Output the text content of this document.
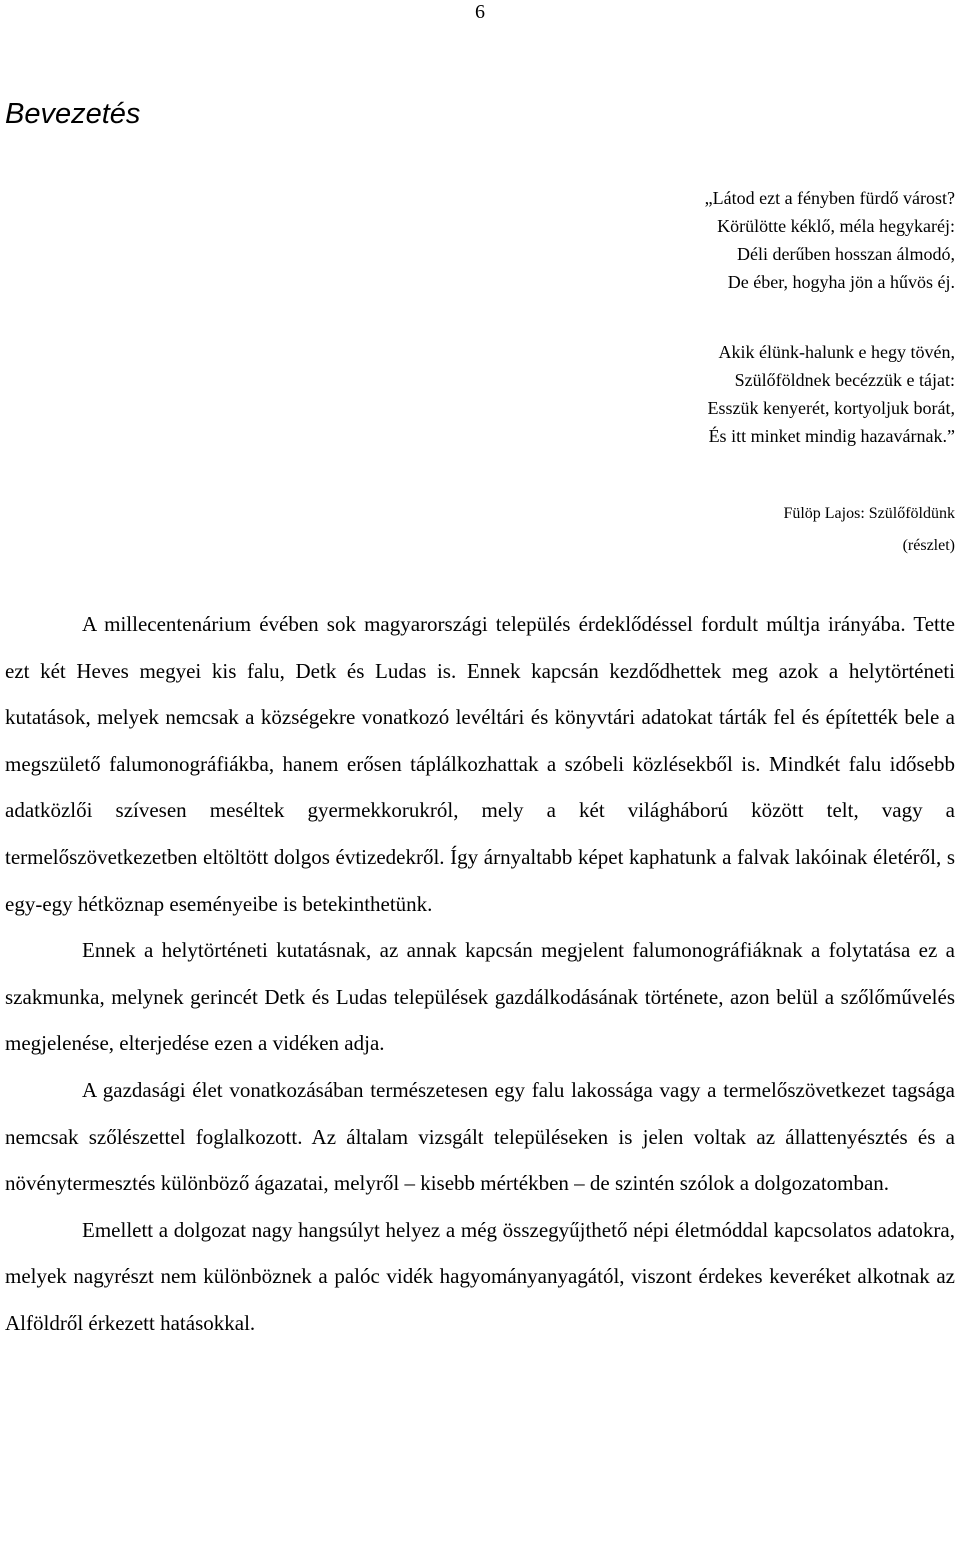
6
Bevezetés

„Látod ezt a fényben fürdő várost?
Körülötte kéklő, méla hegykaréj:
Déli derűben hosszan álmodó,
De éber, hogyha jön a hűvös éj.

Akik élünk-halunk e hegy tövén,
Szülőföldnek becézzük e tájat:
Esszük kenyerét, kortyoljuk borát,
És itt minket mindig hazavárnak.”

Fülöp Lajos: Szülőföldünk
(részlet)

A millecentenárium évében sok magyarországi település érdeklődéssel fordult múltja irányába. Tette ezt két Heves megyei kis falu, Detk és Ludas is. Ennek kapcsán kezdődhettek meg azok a helytörténeti kutatások, melyek nemcsak a községekre vonatkozó levéltári és könyvtári adatokat tárták fel és építették bele a megszülető falumonográfiákba, hanem erősen táplálkozhattak a szóbeli közlésekből is. Mindkét falu idősebb adatközlői szívesen meséltek gyermekkorukról, mely a két világháború között telt, vagy a termelőszövetkezetben eltöltött dolgos évtizedekről. Így árnyaltabb képet kaphatunk a falvak lakóinak életéről, s egy-egy hétköznap eseményeibe is betekinthetünk.

Ennek a helytörténeti kutatásnak, az annak kapcsán megjelent falumonográfiáknak a folytatása ez a szakmunka, melynek gerincét Detk és Ludas települések gazdálkodásának története, azon belül a szőlőművelés megjelenése, elterjedése ezen a vidéken adja.

A gazdasági élet vonatkozásában természetesen egy falu lakossága vagy a termelőszövetkezet tagsága nemcsak szőlészettel foglalkozott. Az általam vizsgált településeken is jelen voltak az állattenyésztés és a növénytermesztés különböző ágazatai, melyről – kisebb mértékben – de szintén szólok a dolgozatomban.

Emellett a dolgozat nagy hangsúlyt helyez a még összegyűjthető népi életmóddal kapcsolatos adatokra, melyek nagyrészt nem különböznek a palóc vidék hagyományanyagától, viszont érdekes keveréket alkotnak az Alföldről érkezett hatásokkal.
